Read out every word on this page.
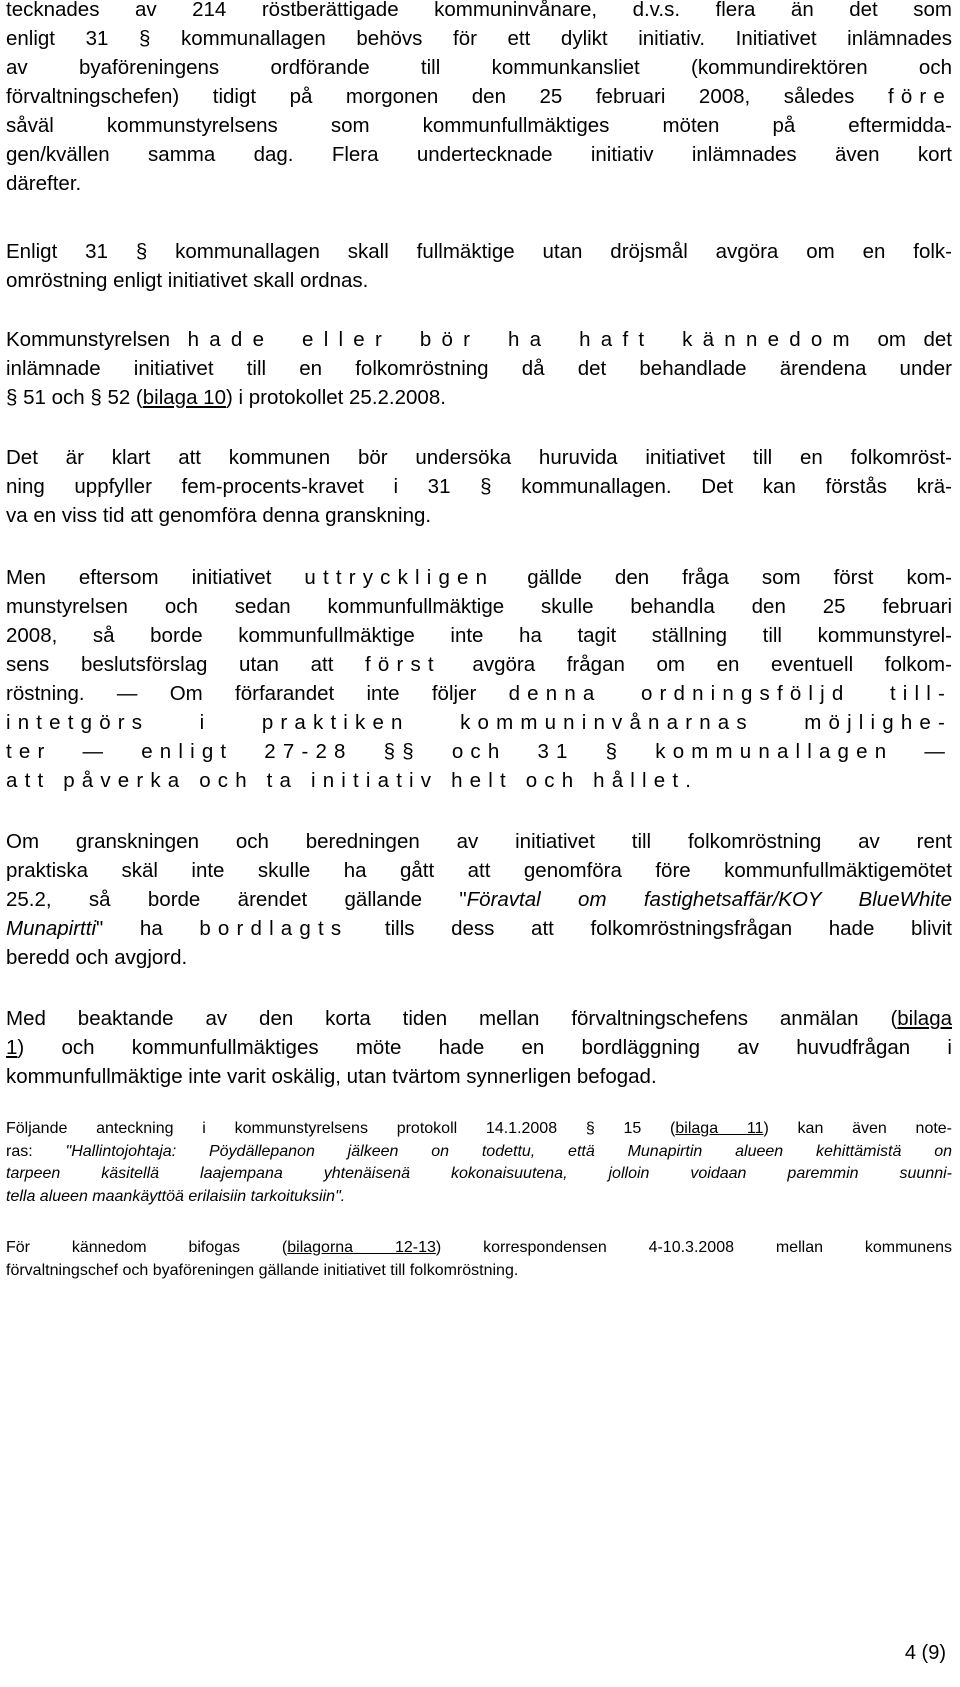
tecknades av 214 röstberättigade kommuninvånare, d.v.s. flera än det som
enligt 31 § kommunallagen behövs för ett dylikt initiativ. Initiativet inlämnades
av byaföreningens ordförande till kommunkansliet (kommundirektören och
förvaltningschefen) tidigt på morgonen den 25 februari 2008, således före
såväl kommunstyrelsens som kommunfullmäktiges möten på eftermidda-
gen/kvällen samma dag. Flera undertecknade initiativ inlämnades även kort
därefter.

Enligt 31 § kommunallagen skall fullmäktige utan dröjsmål avgöra om en folk-
omröstning enligt initiativet skall ordnas.

Kommunstyrelsen hade eller bör ha haft kännedom om det
inlämnade initiativet till en folkomröstning då det behandlade ärendena under
§ 51 och § 52 (bilaga 10) i protokollet 25.2.2008.

Det är klart att kommunen bör undersöka huruvida initiativet till en folkomröst-
ning uppfyller fem-procents-kravet i 31 § kommunallagen. Det kan förstås krä-
va en viss tid att genomföra denna granskning.

Men eftersom initiativet uttryckligen gällde den fråga som först kom-
munstyrelsen och sedan kommunfullmäktige skulle behandla den 25 februari
2008, så borde kommunfullmäktige inte ha tagit ställning till kommunstyrel-
sens beslutsförslag utan att först avgöra frågan om en eventuell folkom-
röstning. — Om förfarandet inte följer denna ordningsföljd till-
intetgörs i praktiken kommuninvånarnas möjlighe-
ter — enligt 27-28 §§ och 31 § kommunallagen —
att påverka och ta initiativ helt och hållet.

Om granskningen och beredningen av initiativet till folkomröstning av rent
praktiska skäl inte skulle ha gått att genomföra före kommunfullmäktigemötet
25.2, så borde ärendet gällande "Föravtal om fastighetsaffär/KOY BlueWhite
Munapirtti" ha bordlagts tills dess att folkomröstningsfrågan hade blivit
beredd och avgjord.

Med beaktande av den korta tiden mellan förvaltningschefens anmälan (bilaga
1) och kommunfullmäktiges möte hade en bordläggning av huvudfrågan i
kommunfullmäktige inte varit oskälig, utan tvärtom synnerligen befogad.

Följande anteckning i kommunstyrelsens protokoll 14.1.2008 § 15 (bilaga 11) kan även note-
ras: "Hallintojohtaja: Pöydällepanon jälkeen on todettu, että Munapirtin alueen kehittämistä on
tarpeen käsitellä laajempana yhtenäisenä kokonaisuutena, jolloin voidaan paremmin suunni-
tella alueen maankäyttöä erilaisiin tarkoituksiin".

För kännedom bifogas (bilagorna 12-13) korrespondensen 4-10.3.2008 mellan kommunens
förvaltningschef och byaföreningen gällande initiativet till folkomröstning.

4 (9)
